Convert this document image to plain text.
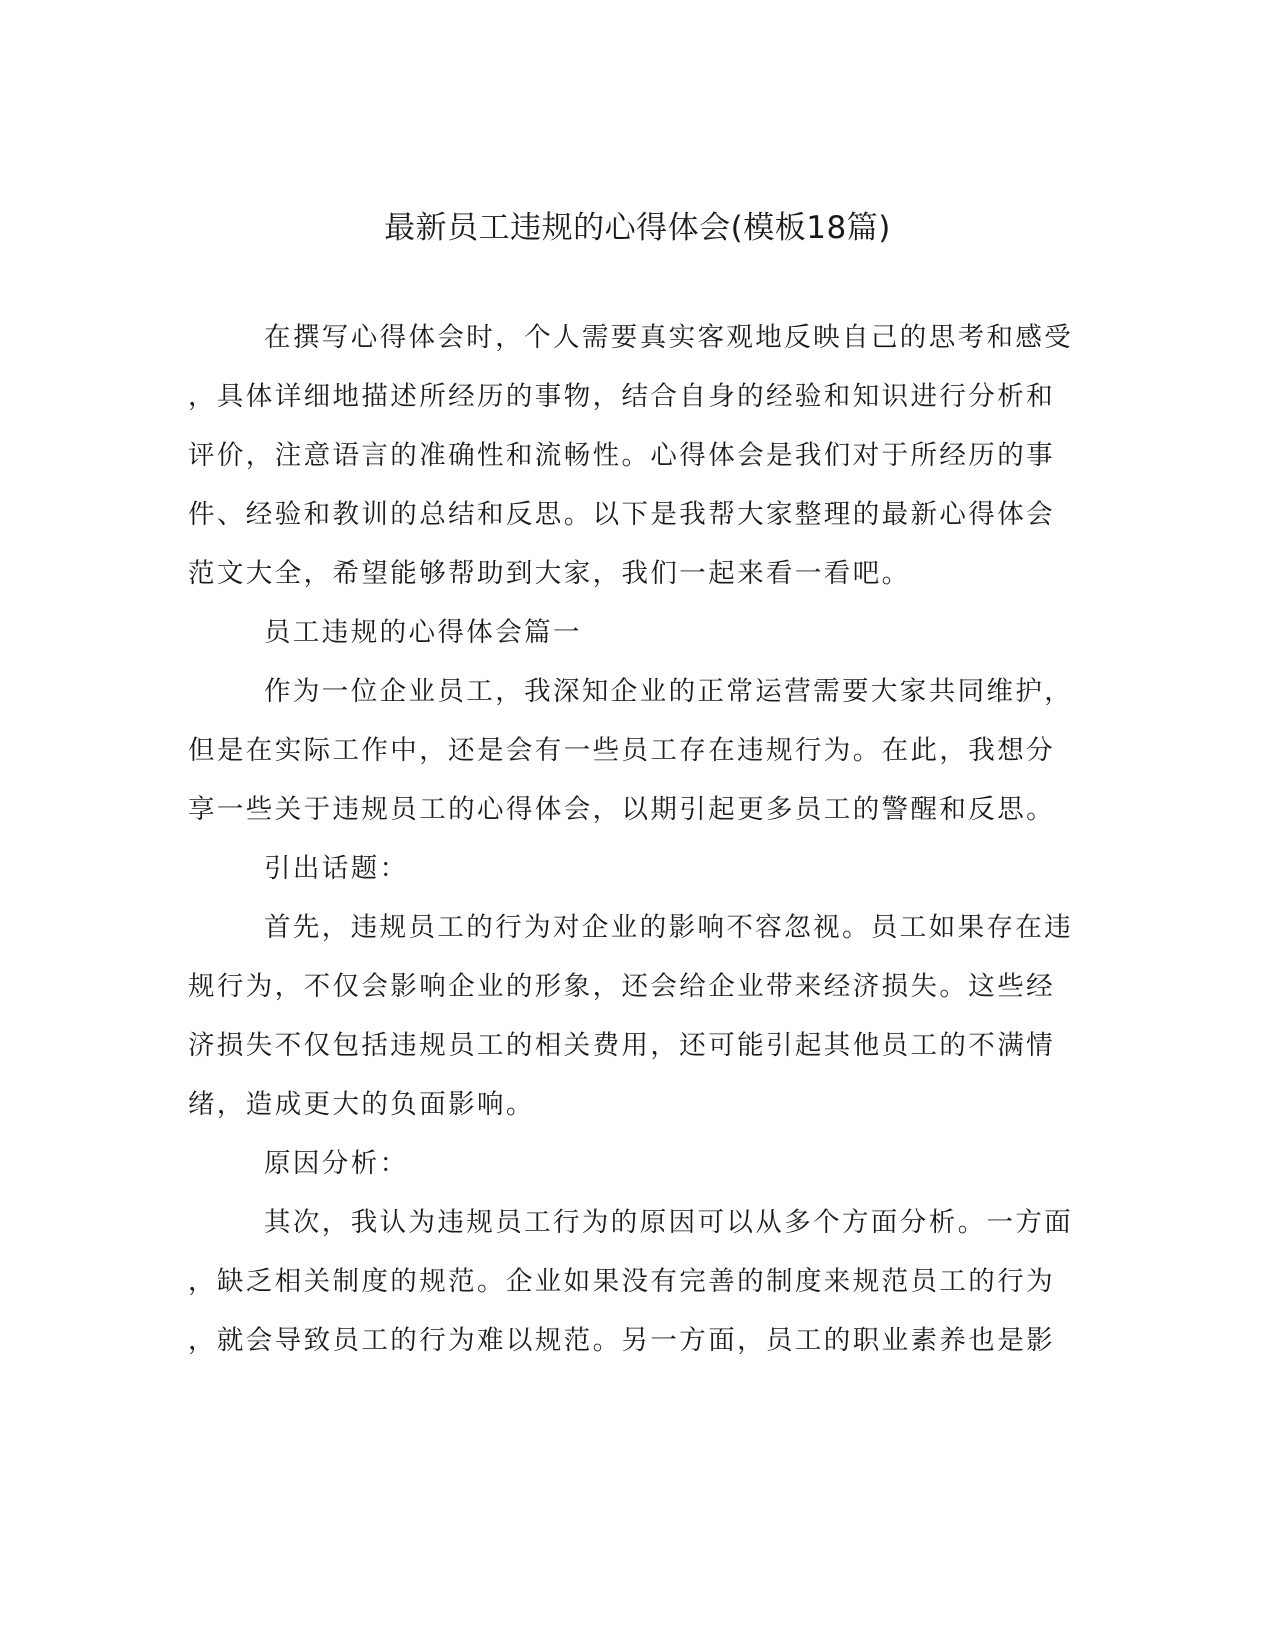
最新员工违规的心得体会(模板18篇)
在撰写心得体会时，个人需要真实客观地反映自己的思考和感受
，具体详细地描述所经历的事物，结合自身的经验和知识进行分析和
评价，注意语言的准确性和流畅性。心得体会是我们对于所经历的事
件、经验和教训的总结和反思。以下是我帮大家整理的最新心得体会
范文大全，希望能够帮助到大家，我们一起来看一看吧。
员工违规的心得体会篇一
作为一位企业员工，我深知企业的正常运营需要大家共同维护，
但是在实际工作中，还是会有一些员工存在违规行为。在此，我想分
享一些关于违规员工的心得体会，以期引起更多员工的警醒和反思。
引出话题：
首先，违规员工的行为对企业的影响不容忽视。员工如果存在违
规行为，不仅会影响企业的形象，还会给企业带来经济损失。这些经
济损失不仅包括违规员工的相关费用，还可能引起其他员工的不满情
绪，造成更大的负面影响。
原因分析：
其次，我认为违规员工行为的原因可以从多个方面分析。一方面
，缺乏相关制度的规范。企业如果没有完善的制度来规范员工的行为
，就会导致员工的行为难以规范。另一方面，员工的职业素养也是影
